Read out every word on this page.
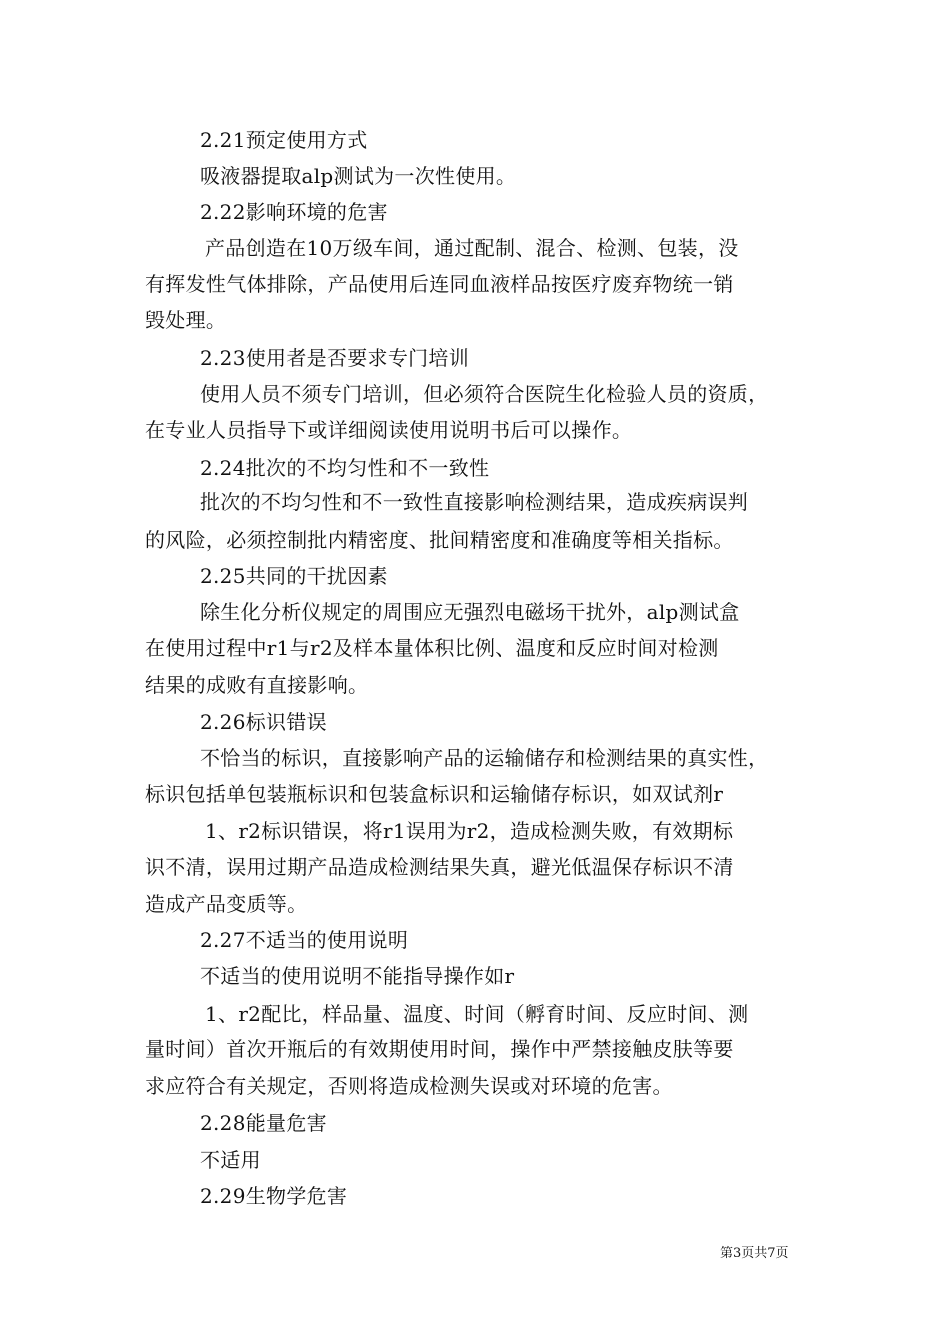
2.21预定使用方式
吸液器提取alp测试为一次性使用。
2.22影响环境的危害
产品创造在10万级车间，通过配制、混合、检测、包装，没
有挥发性气体排除，产品使用后连同血液样品按医疗废弃物统一销
毁处理。
2.23使用者是否要求专门培训
使用人员不须专门培训，但必须符合医院生化检验人员的资质，
在专业人员指导下或详细阅读使用说明书后可以操作。
2.24批次的不均匀性和不一致性
批次的不均匀性和不一致性直接影响检测结果，造成疾病误判
的风险，必须控制批内精密度、批间精密度和准确度等相关指标。
2.25共同的干扰因素
除生化分析仪规定的周围应无强烈电磁场干扰外，alp测试盒
在使用过程中r1与r2及样本量体积比例、温度和反应时间对检测
结果的成败有直接影响。
2.26标识错误
不恰当的标识，直接影响产品的运输储存和检测结果的真实性，
标识包括单包装瓶标识和包装盒标识和运输储存标识，如双试剂r
1、r2标识错误，将r1误用为r2，造成检测失败，有效期标
识不清，误用过期产品造成检测结果失真，避光低温保存标识不清
造成产品变质等。
2.27不适当的使用说明
不适当的使用说明不能指导操作如r
1、r2配比，样品量、温度、时间（孵育时间、反应时间、测
量时间）首次开瓶后的有效期使用时间，操作中严禁接触皮肤等要
求应符合有关规定，否则将造成检测失误或对环境的危害。
2.28能量危害
不适用
2.29生物学危害
第3页共7页
